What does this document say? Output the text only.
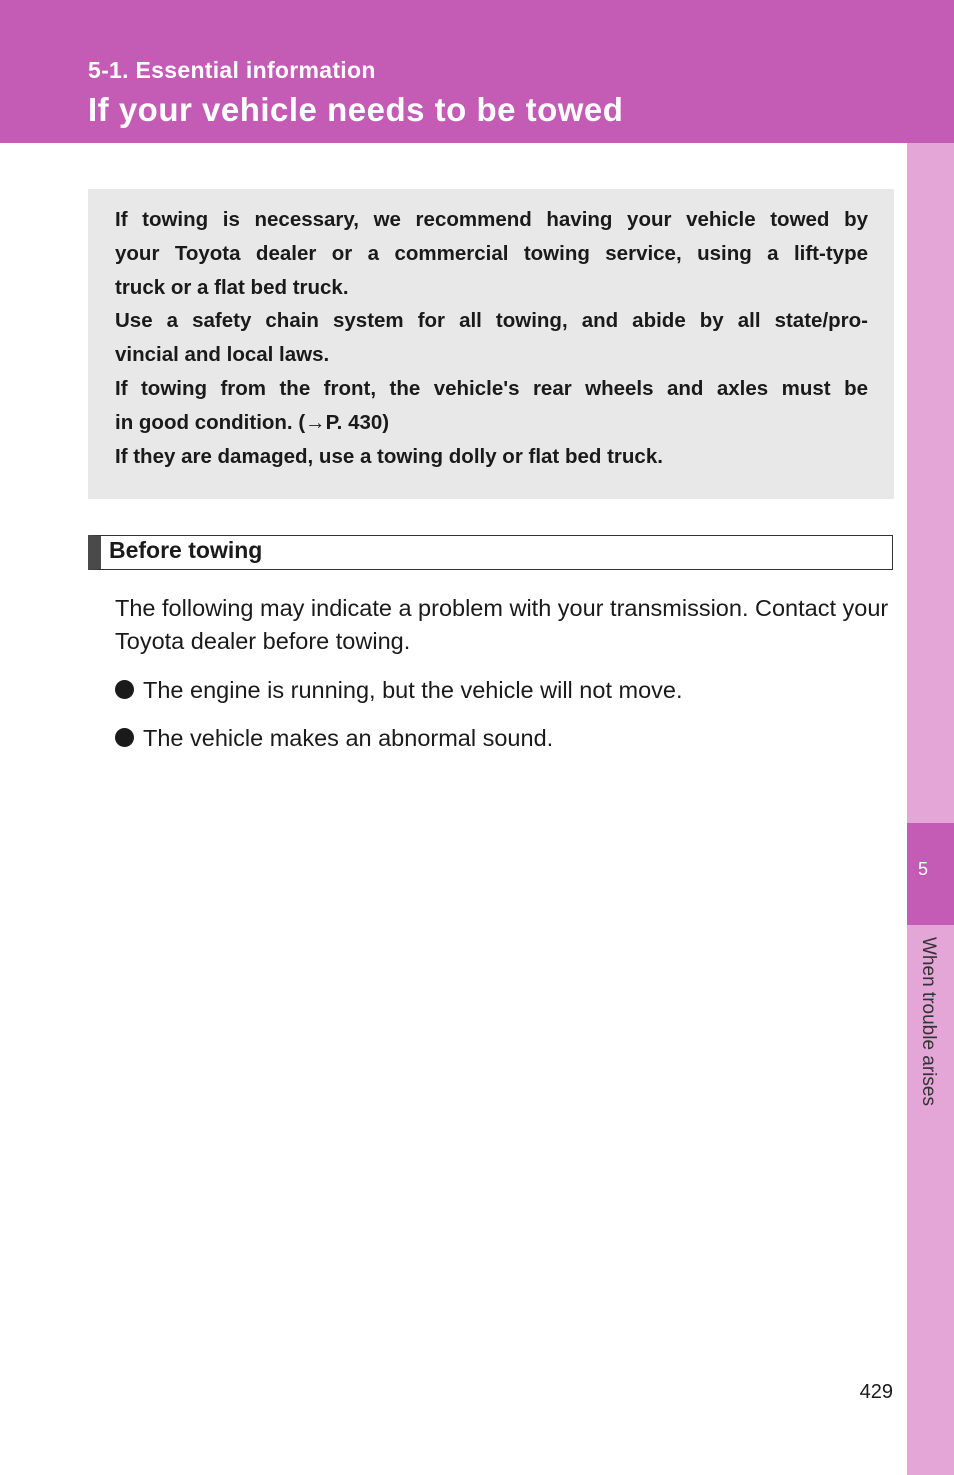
5-1. Essential information
If your vehicle needs to be towed
5
When trouble arises

If towing is necessary, we recommend having your vehicle towed by

your Toyota dealer or a commercial towing service, using a lift-type

truck or a flat bed truck.

Use a safety chain system for all towing, and abide by all state/pro-

vincial and local laws.

If towing from the front, the vehicle's rear wheels and axles must be

in good condition. (→P. 430)

If they are damaged, use a towing dolly or flat bed truck.

Before towing

The following may indicate a problem with your transmission. Contact your Toyota dealer before towing.

The engine is running, but the vehicle will not move.
The vehicle makes an abnormal sound.
429
